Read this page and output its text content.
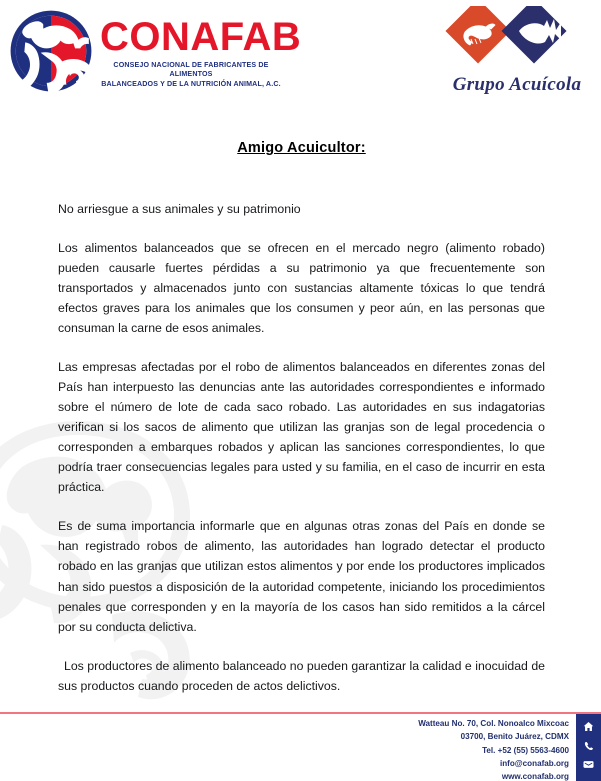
CONAFAB
CONSEJO NACIONAL DE FABRICANTES DE ALIMENTOS
BALANCEADOS Y DE LA NUTRICIÓN ANIMAL, A.C.	Grupo Acuícola
Amigo Acuicultor:
No arriesgue a sus animales y su patrimonio

Los alimentos balanceados que se ofrecen en el mercado negro (alimento robado) pueden causarle fuertes pérdidas a su patrimonio ya que frecuentemente son transportados y almacenados junto con sustancias altamente tóxicas lo que tendrá efectos graves para los animales que los consumen y peor aún, en las personas que consuman la carne de esos animales.

Las empresas afectadas por el robo de alimentos balanceados en diferentes zonas del País han interpuesto las denuncias ante las autoridades correspondientes e informado sobre el número de lote de cada saco robado. Las autoridades en sus indagatorias verifican si los sacos de alimento que utilizan las granjas son de legal procedencia o corresponden a embarques robados y aplican las sanciones correspondientes, lo que podría traer consecuencias legales para usted y su familia, en el caso de incurrir en esta práctica.

Es de suma importancia informarle que en algunas otras zonas del País en donde se han registrado robos de alimento, las autoridades han logrado detectar el producto robado en las granjas que utilizan estos alimentos y por ende los productores implicados han sido puestos a disposición de la autoridad competente, iniciando los procedimientos penales que corresponden y en la mayoría de los casos han sido remitidos a la cárcel por su conducta delictiva.

Los productores de alimento balanceado no pueden garantizar la calidad e inocuidad de sus productos cuando proceden de actos delictivos.

Watteau No. 70, Col. Nonoalco Mixcoac
03700, Benito Juárez, CDMX
Tel. +52 (55) 5563-4600
info@conafab.org
www.conafab.org
